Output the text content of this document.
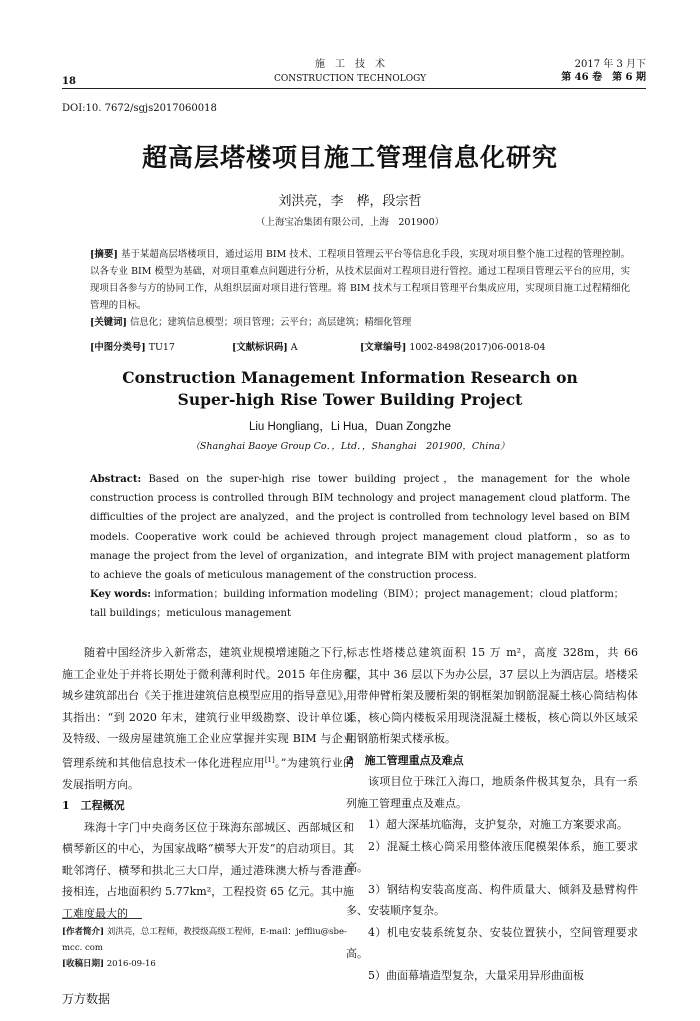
18
施　工　技　术
CONSTRUCTION TECHNOLOGY
2017 年 3 月下
第 46 卷　第 6 期
DOI:10. 7672/sgjs2017060018
超高层塔楼项目施工管理信息化研究
刘洪亮，李　桦，段宗哲
（上海宝冶集团有限公司，上海　201900）
[摘要] 基于某超高层塔楼项目，通过运用 BIM 技术、工程项目管理云平台等信息化手段，实现对项目整个施工过程的管理控制。以各专业 BIM 模型为基础，对项目重难点问题进行分析，从技术层面对工程项目进行管控。通过工程项目管理云平台的应用，实现项目各参与方的协同工作，从组织层面对项目进行管理。将 BIM 技术与工程项目管理平台集成应用，实现项目施工过程精细化管理的目标。
[关键词] 信息化；建筑信息模型；项目管理；云平台；高层建筑；精细化管理
[中图分类号] TU17	[文献标识码] A	[文章编号] 1002-8498(2017)06-0018-04
Construction Management Information Research on
Super-high Rise Tower Building Project
Liu Hongliang，Li Hua，Duan Zongzhe
（Shanghai Baoye Group Co．，Ltd．，Shanghai　201900，China）
Abstract: Based on the super-high rise tower building project，the management for the whole construction process is controlled through BIM technology and project management cloud platform. The difficulties of the project are analyzed，and the project is controlled from technology level based on BIM models. Cooperative work could be achieved through project management cloud platform，so as to manage the project from the level of organization，and integrate BIM with project management platform to achieve the goals of meticulous management of the construction process.
Key words: information；building information modeling（BIM）；project management；cloud platform；tall buildings；meticulous management

随着中国经济步入新常态，建筑业规模增速随之下行，施工企业处于并将长期处于微利薄利时代。2015 年住房和城乡建筑部出台《关于推进建筑信息模型应用的指导意见》，其指出：“到 2020 年末，建筑行业甲级勘察、设计单位以及特级、一级房屋建筑施工企业应掌握并实现 BIM 与企业管理系统和其他信息技术一体化进程应用[1]。”为建筑行业的发展指明方向。

1　工程概况

珠海十字门中央商务区位于珠海东部城区、西部城区和横琴新区的中心，为国家战略“横琴大开发”的启动项目。其毗邻湾仔、横琴和拱北三大口岸，通过港珠澳大桥与香港直接相连，占地面积约 5.77km²，工程投资 65 亿元。其中施工难度最大的

标志性塔楼总建筑面积 15 万 m²，高度 328m，共 66 层，其中 36 层以下为办公层，37 层以上为酒店层。塔楼采用带伸臂桁架及腰桁架的钢框架加钢筋混凝土核心筒结构体系，核心筒内楼板采用现浇混凝土楼板，核心筒以外区域采用钢筋桁架式楼承板。

2　施工管理重点及难点

该项目位于珠江入海口，地质条件极其复杂，具有一系列施工管理重点及难点。

1）超大深基坑临海，支护复杂，对施工方案要求高。

2）混凝土核心筒采用整体液压爬模架体系，施工要求高。

3）钢结构安装高度高、构件质量大、倾斜及悬臂构件多、安装顺序复杂。

4）机电安装系统复杂、安装位置狭小，空间管理要求高。

5）曲面幕墙造型复杂，大量采用异形曲面板

[作者简介] 刘洪亮，总工程师，教授级高级工程师，E-mail：jeffliu@sbe-mcc. com
[收稿日期] 2016-09-16
万方数据
